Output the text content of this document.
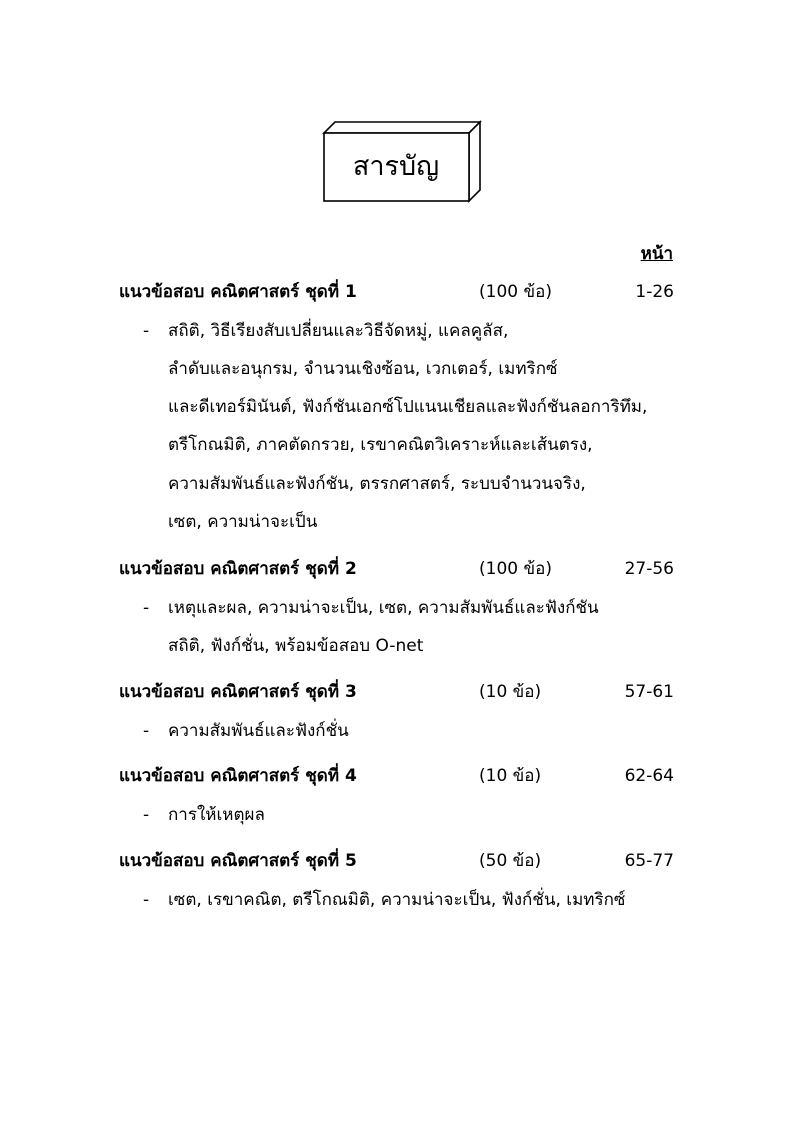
สารบัญ
หน้า
แนวข้อสอบ คณิตศาสตร์ ชุดที่ 1	(100 ข้อ)	1-26
- สถิติ, วิธีเรียงสับเปลี่ยนและวิธีจัดหมู่, แคลคูลัส,
ลำดับและอนุกรม, จำนวนเชิงซ้อน, เวกเตอร์, เมทริกซ์
และดีเทอร์มินันต์, ฟังก์ชันเอกซ์โปแนนเชียลและฟังก์ชันลอการิทึม,
ตรีโกณมิติ, ภาคตัดกรวย, เรขาคณิตวิเคราะห์และเส้นตรง,
ความสัมพันธ์และฟังก์ชัน, ตรรกศาสตร์, ระบบจำนวนจริง,
เซต, ความน่าจะเป็น
แนวข้อสอบ คณิตศาสตร์ ชุดที่ 2	(100 ข้อ)	27-56
- เหตุและผล, ความน่าจะเป็น, เซต, ความสัมพันธ์และฟังก์ชัน
สถิติ, ฟังก์ชั่น, พร้อมข้อสอบ O-net
แนวข้อสอบ คณิตศาสตร์ ชุดที่ 3	(10 ข้อ)	57-61
- ความสัมพันธ์และฟังก์ชั่น
แนวข้อสอบ คณิตศาสตร์ ชุดที่ 4	(10 ข้อ)	62-64
- การให้เหตุผล
แนวข้อสอบ คณิตศาสตร์ ชุดที่ 5	(50 ข้อ)	65-77
- เซต, เรขาคณิต, ตรีโกณมิติ, ความน่าจะเป็น, ฟังก์ชั่น, เมทริกซ์
